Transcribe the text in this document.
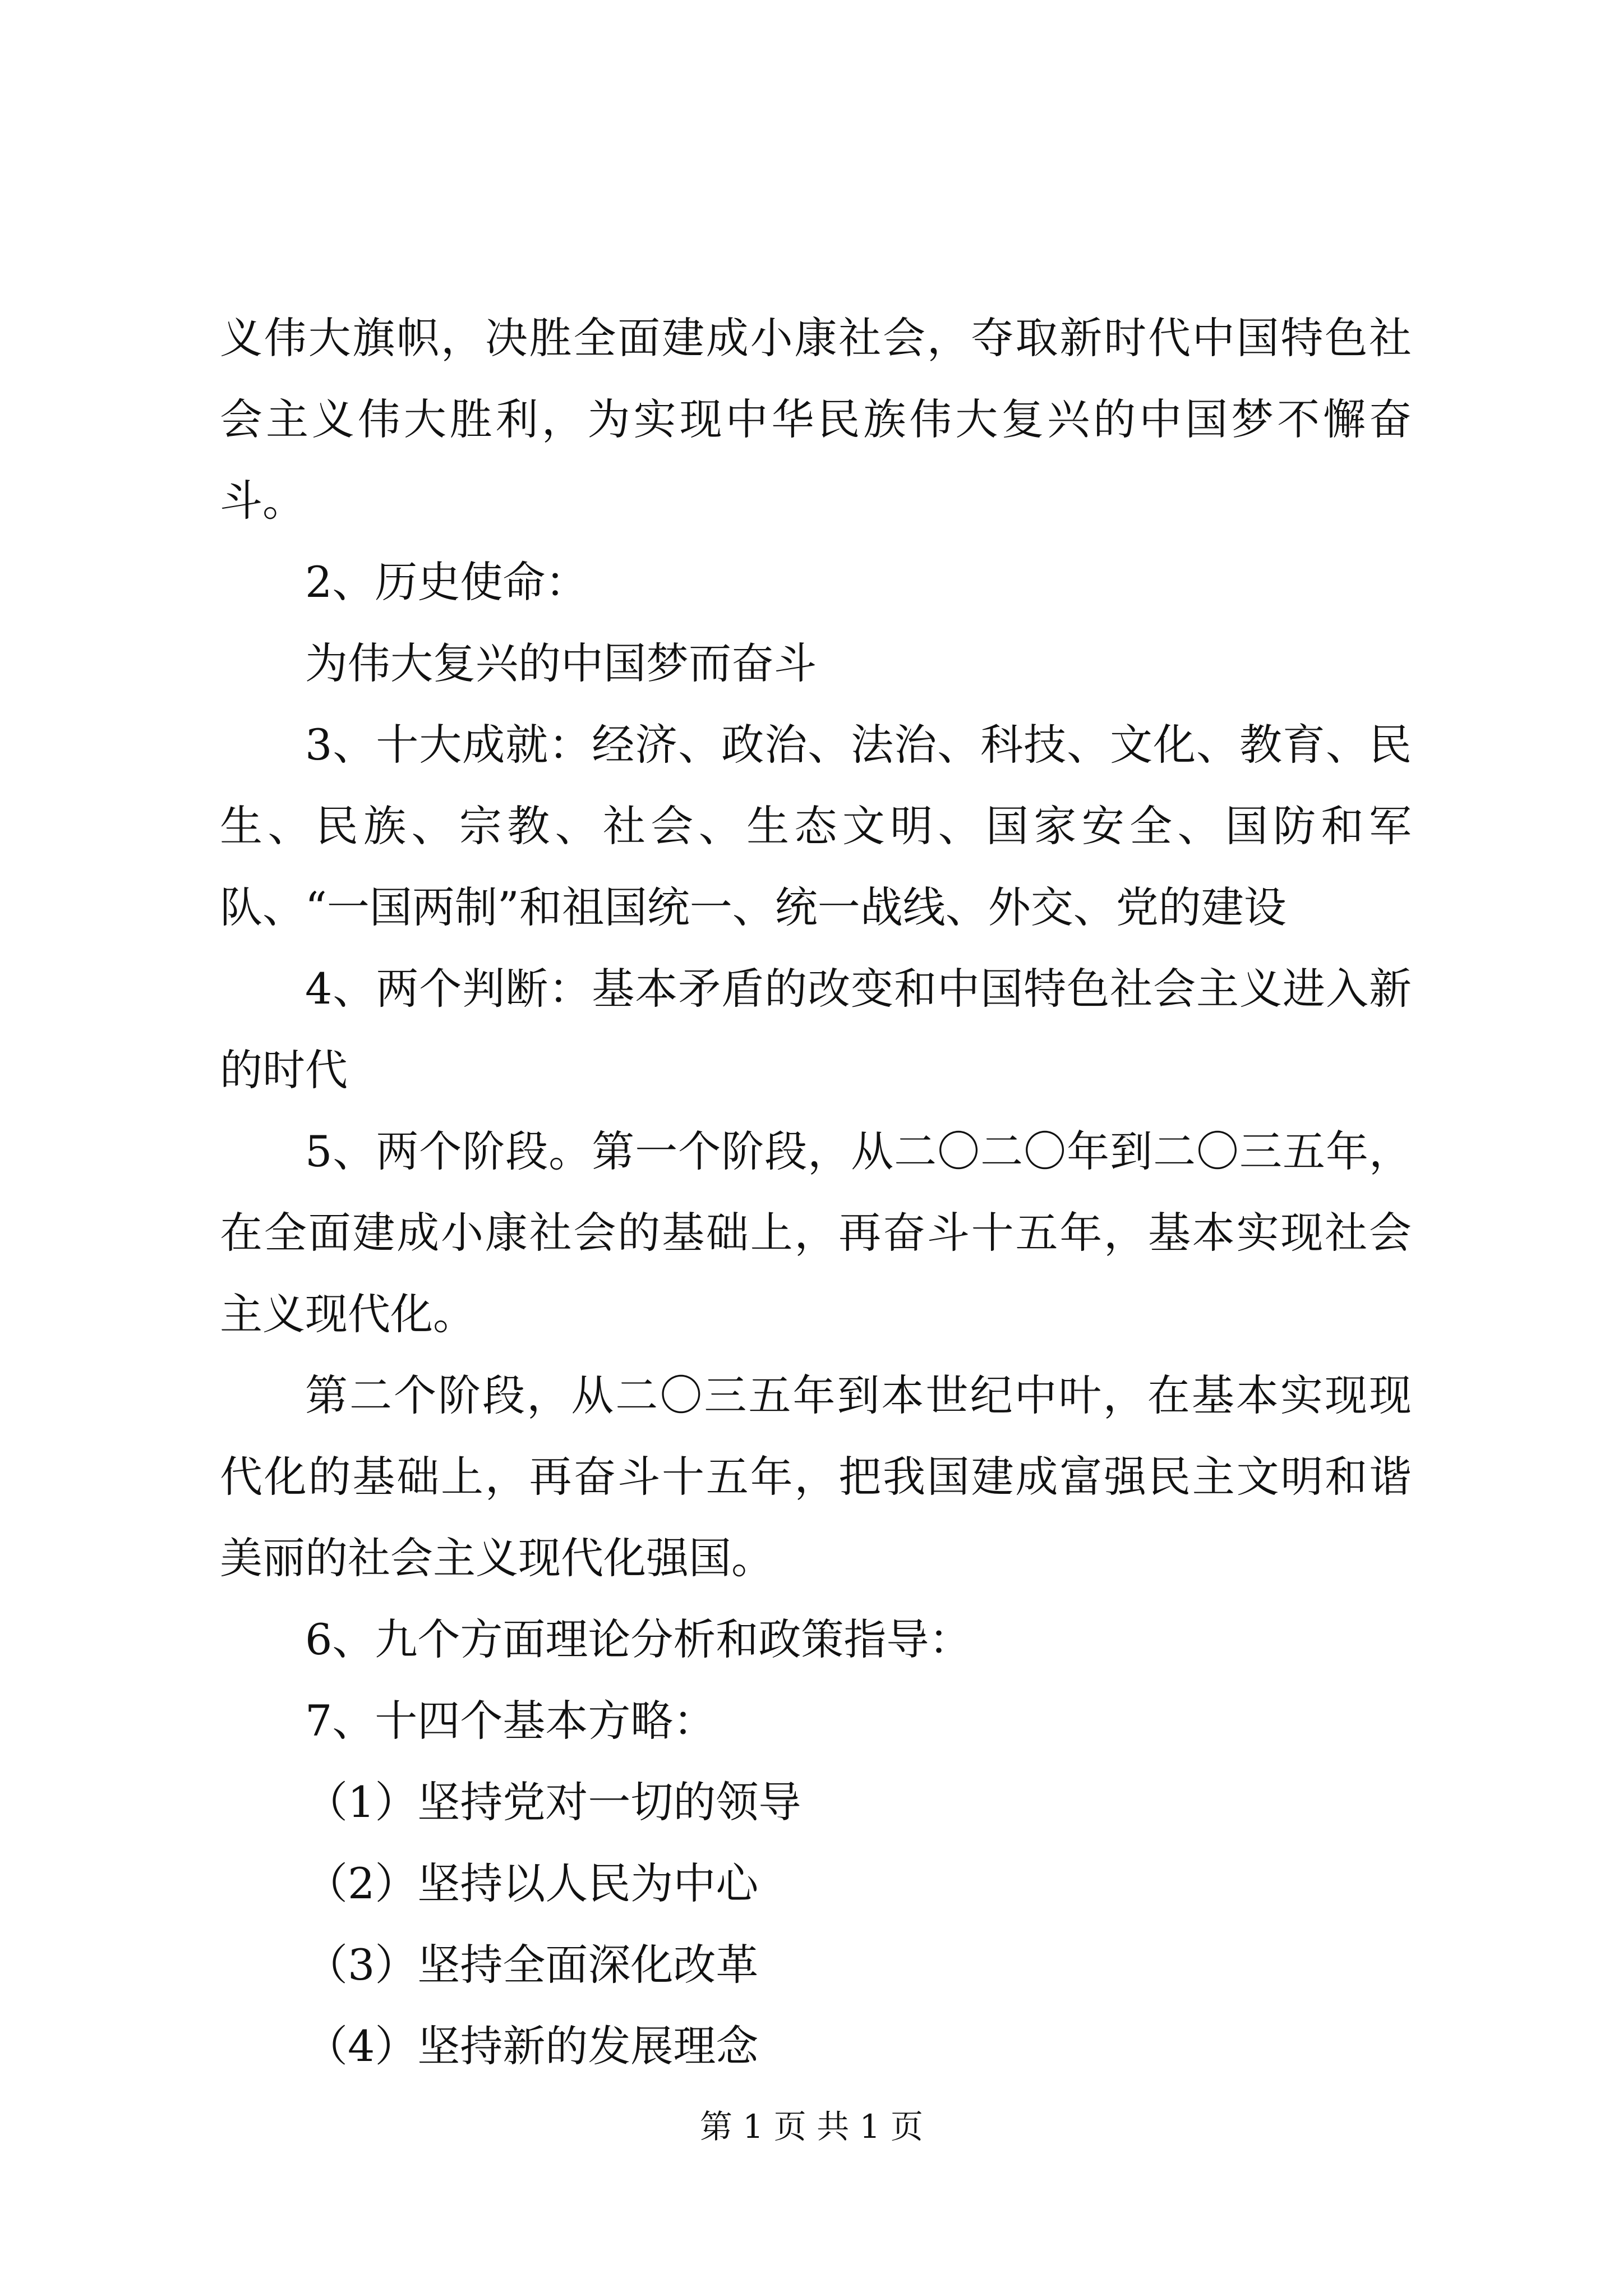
义伟大旗帜，决胜全面建成小康社会，夺取新时代中国特色社会主义伟大胜利，为实现中华民族伟大复兴的中国梦不懈奋斗。

2、历史使命：

为伟大复兴的中国梦而奋斗

3、十大成就：经济、政治、法治、科技、文化、教育、民生、民族、宗教、社会、生态文明、国家安全、国防和军队、“一国两制”和祖国统一、统一战线、外交、党的建设

4、两个判断：基本矛盾的改变和中国特色社会主义进入新的时代

5、两个阶段。第一个阶段，从二〇二〇年到二〇三五年，在全面建成小康社会的基础上，再奋斗十五年，基本实现社会主义现代化。

第二个阶段，从二〇三五年到本世纪中叶，在基本实现现代化的基础上，再奋斗十五年，把我国建成富强民主文明和谐美丽的社会主义现代化强国。

6、九个方面理论分析和政策指导：

7、十四个基本方略：

（1）坚持党对一切的领导

（2）坚持以人民为中心

（3）坚持全面深化改革

（4）坚持新的发展理念

第 1 页 共 1 页
